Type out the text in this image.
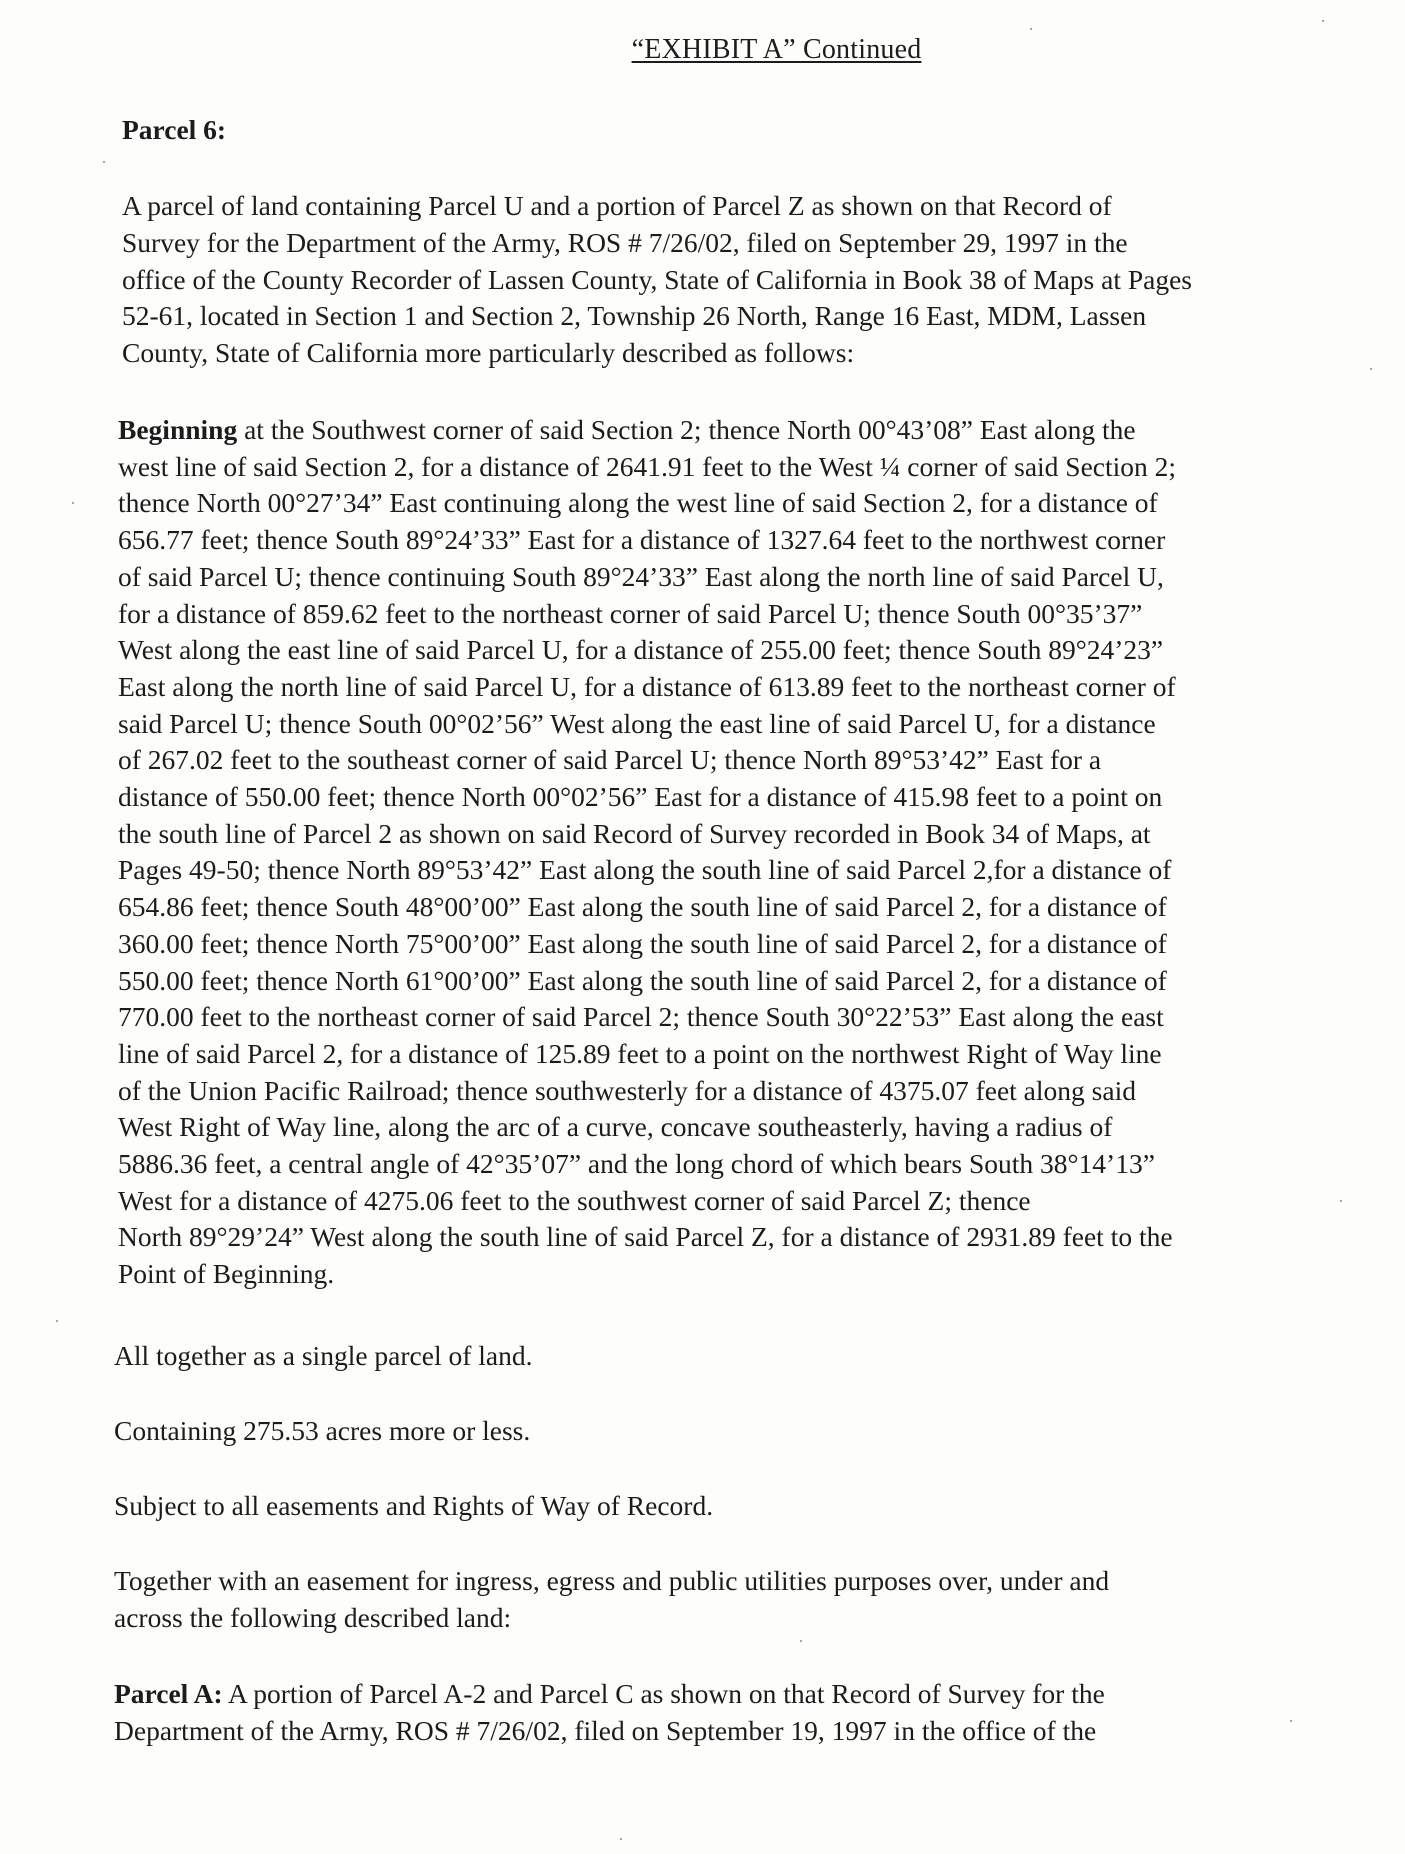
“EXHIBIT A” Continued
Parcel 6:
A parcel of land containing Parcel U and a portion of Parcel Z as shown on that Record of
Survey for the Department of the Army, ROS # 7/26/02, filed on September 29, 1997 in the
office of the County Recorder of Lassen County, State of California in Book 38 of Maps at Pages
52-61, located in Section 1 and Section 2, Township 26 North, Range 16 East, MDM, Lassen
County, State of California more particularly described as follows:
Beginning at the Southwest corner of said Section 2; thence North 00°43’08” East along the
west line of said Section 2, for a distance of 2641.91 feet to the West ¼ corner of said Section 2;
thence North 00°27’34” East continuing along the west line of said Section 2, for a distance of
656.77 feet; thence South 89°24’33” East for a distance of 1327.64 feet to the northwest corner
of said Parcel U; thence continuing South 89°24’33” East along the north line of said Parcel U,
for a distance of 859.62 feet to the northeast corner of said Parcel U; thence South 00°35’37”
West along the east line of said Parcel U, for a distance of 255.00 feet; thence South 89°24’23”
East along the north line of said Parcel U, for a distance of 613.89 feet to the northeast corner of
said Parcel U; thence South 00°02’56” West along the east line of said Parcel U, for a distance
of 267.02 feet to the southeast corner of said Parcel U; thence North 89°53’42” East for a
distance of 550.00 feet; thence North 00°02’56” East for a distance of 415.98 feet to a point on
the south line of Parcel 2 as shown on said Record of Survey recorded in Book 34 of Maps, at
Pages 49-50; thence North 89°53’42” East along the south line of said Parcel 2,for a distance of
654.86 feet; thence South 48°00’00” East along the south line of said Parcel 2, for a distance of
360.00 feet; thence North 75°00’00” East along the south line of said Parcel 2, for a distance of
550.00 feet; thence North 61°00’00” East along the south line of said Parcel 2, for a distance of
770.00 feet to the northeast corner of said Parcel 2; thence South 30°22’53” East along the east
line of said Parcel 2, for a distance of 125.89 feet to a point on the northwest Right of Way line
of the Union Pacific Railroad; thence southwesterly for a distance of 4375.07 feet along said
West Right of Way line, along the arc of a curve, concave southeasterly, having a radius of
5886.36 feet, a central angle of 42°35’07” and the long chord of which bears South 38°14’13”
West for a distance of 4275.06 feet to the southwest corner of said Parcel Z; thence
North 89°29’24” West along the south line of said Parcel Z, for a distance of 2931.89 feet to the
Point of Beginning.
All together as a single parcel of land.
Containing 275.53 acres more or less.
Subject to all easements and Rights of Way of Record.
Together with an easement for ingress, egress and public utilities purposes over, under and
across the following described land:
Parcel A: A portion of Parcel A-2 and Parcel C as shown on that Record of Survey for the
Department of the Army, ROS # 7/26/02, filed on September 19, 1997 in the office of the
